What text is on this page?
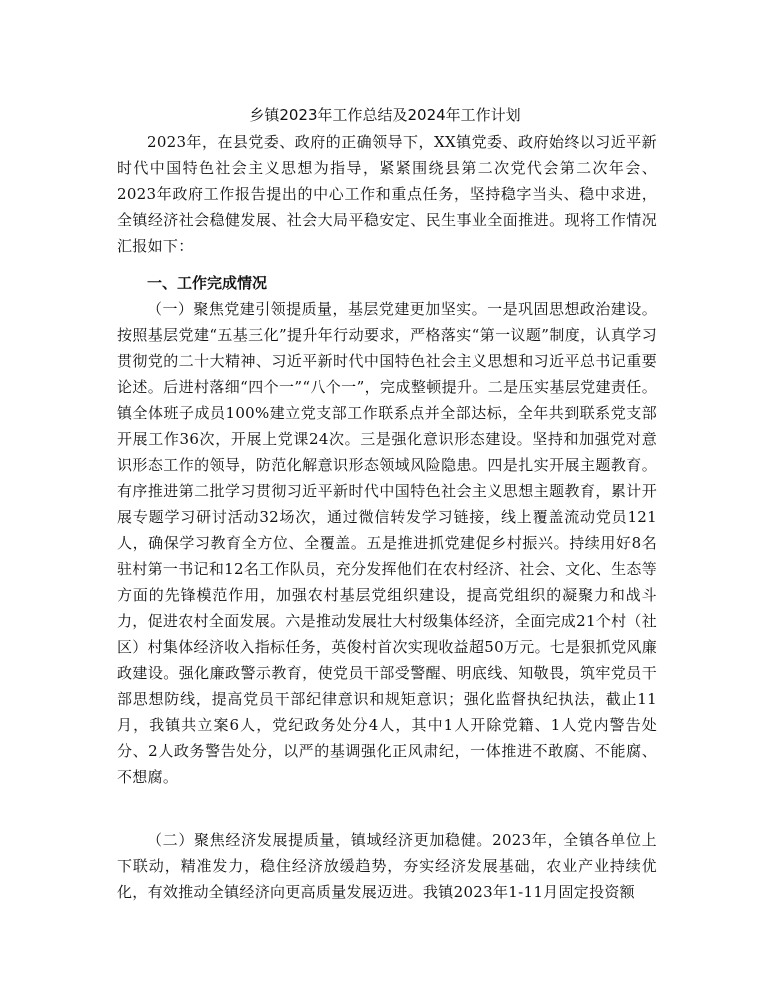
乡镇2023年工作总结及2024年工作计划
2023年，在县党委、政府的正确领导下，XX镇党委、政府始终以习近平新时代中国特色社会主义思想为指导，紧紧围绕县第二次党代会第二次年会、2023年政府工作报告提出的中心工作和重点任务，坚持稳字当头、稳中求进，全镇经济社会稳健发展、社会大局平稳安定、民生事业全面推进。现将工作情况汇报如下：
一、工作完成情况
（一）聚焦党建引领提质量，基层党建更加坚实。一是巩固思想政治建设。按照基层党建“五基三化”提升年行动要求，严格落实“第一议题”制度，认真学习贯彻党的二十大精神、习近平新时代中国特色社会主义思想和习近平总书记重要论述。后进村落细“四个一”“八个一”，完成整顿提升。二是压实基层党建责任。镇全体班子成员100%建立党支部工作联系点并全部达标，全年共到联系党支部开展工作36次，开展上党课24次。三是强化意识形态建设。坚持和加强党对意识形态工作的领导，防范化解意识形态领域风险隐患。四是扎实开展主题教育。有序推进第二批学习贯彻习近平新时代中国特色社会主义思想主题教育，累计开展专题学习研讨活动32场次，通过微信转发学习链接，线上覆盖流动党员121人，确保学习教育全方位、全覆盖。五是推进抓党建促乡村振兴。持续用好8名驻村第一书记和12名工作队员，充分发挥他们在农村经济、社会、文化、生态等方面的先锋模范作用，加强农村基层党组织建设，提高党组织的凝聚力和战斗力，促进农村全面发展。六是推动发展壮大村级集体经济，全面完成21个村（社区）村集体经济收入指标任务，英俊村首次实现收益超50万元。七是狠抓党风廉政建设。强化廉政警示教育，使党员干部受警醒、明底线、知敬畏，筑牢党员干部思想防线，提高党员干部纪律意识和规矩意识；强化监督执纪执法，截止11月，我镇共立案6人，党纪政务处分4人，其中1人开除党籍、1人党内警告处分、2人政务警告处分，以严的基调强化正风肃纪，一体推进不敢腐、不能腐、不想腐。
（二）聚焦经济发展提质量，镇域经济更加稳健。2023年，全镇各单位上下联动，精准发力，稳住经济放缓趋势，夯实经济发展基础，农业产业持续优化，有效推动全镇经济向更高质量发展迈进。我镇2023年1-11月固定投资额
